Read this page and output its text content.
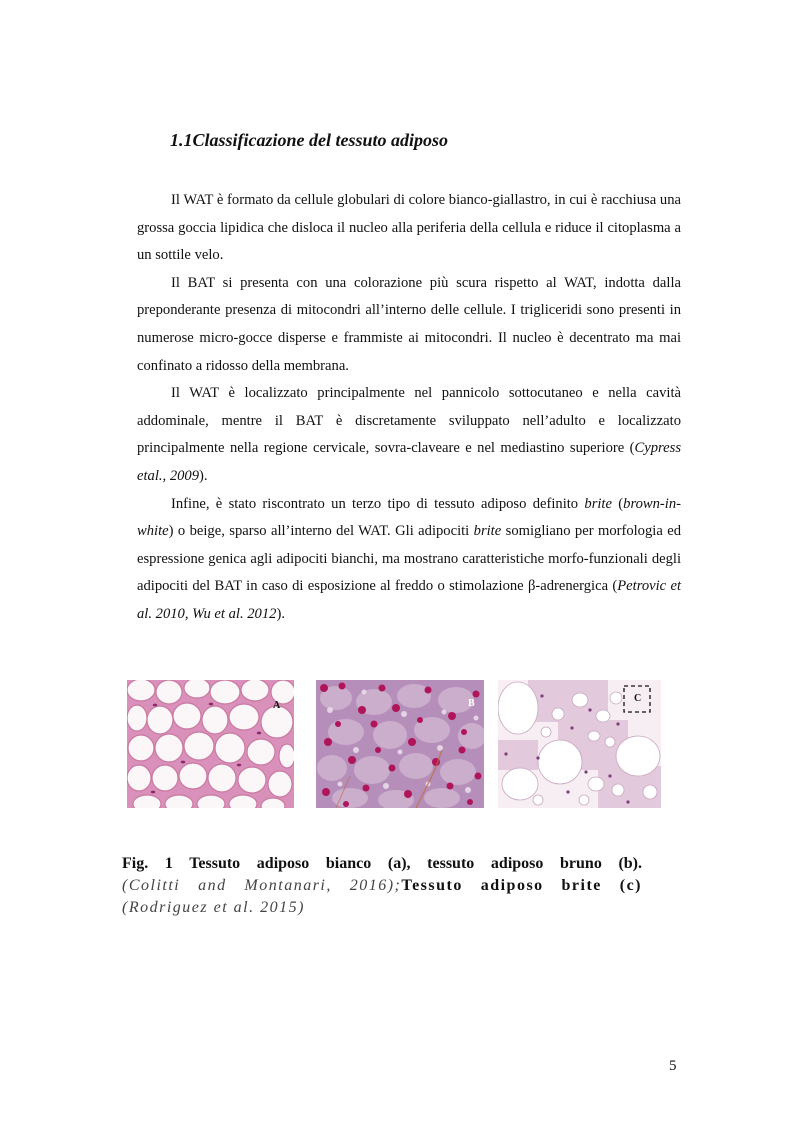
1.1Classificazione del tessuto adiposo

Il WAT è formato da cellule globulari di colore bianco-giallastro, in cui è racchiusa una grossa goccia lipidica che disloca il nucleo alla periferia della cellula e riduce il citoplasma a un sottile velo.

Il BAT si presenta con una colorazione più scura rispetto al WAT, indotta dalla preponderante presenza di mitocondri all’interno delle cellule. I trigliceridi sono presenti in numerose micro-gocce disperse e frammiste ai mitocondri. Il nucleo è decentrato ma mai confinato a ridosso della membrana.

Il WAT è localizzato principalmente nel pannicolo sottocutaneo e nella cavità addominale, mentre il BAT è discretamente sviluppato nell’adulto e localizzato principalmente nella regione cervicale, sovra-claveare e nel mediastino superiore (Cypress etal., 2009).

Infine, è stato riscontrato un terzo tipo di tessuto adiposo definito brite (brown-in-white) o beige, sparso all’interno del WAT. Gli adipociti brite somigliano per morfologia ed espressione genica agli adipociti bianchi, ma mostrano caratteristiche morfo-funzionali degli adipociti del BAT in caso di esposizione al freddo o stimolazione β-adrenergica (Petrovic et al. 2010, Wu et al. 2012).

A	B	C
Fig. 1 Tessuto adiposo bianco (a), tessuto adiposo bruno (b).
(Colitti and Montanari, 2016);Tessuto adiposo brite (c)
(Rodriguez et al. 2015)
5
